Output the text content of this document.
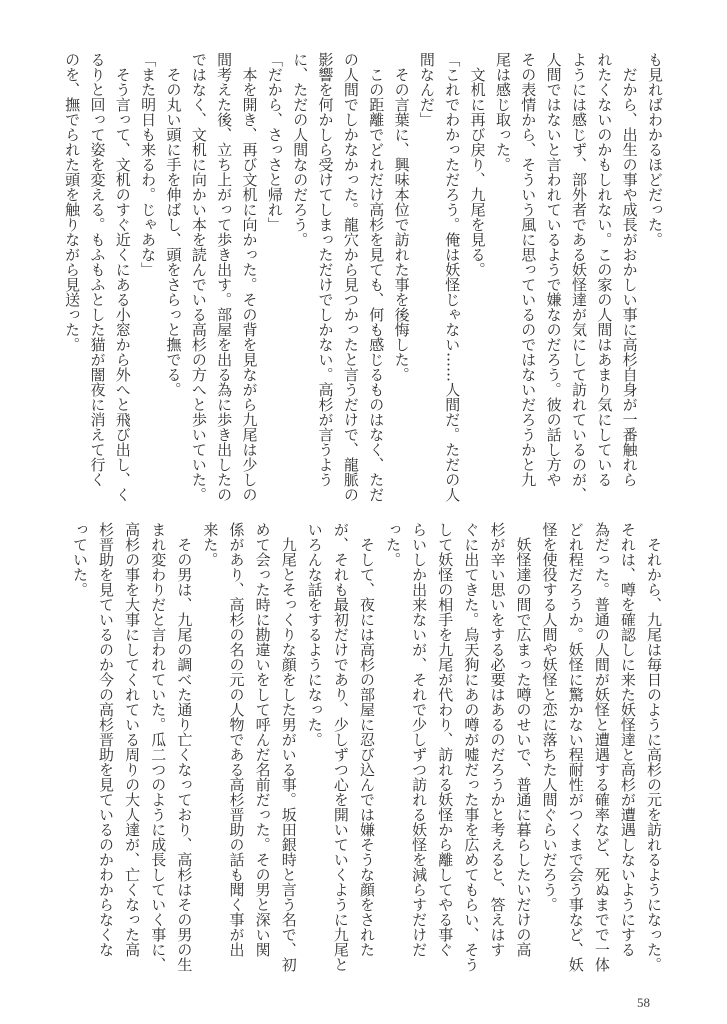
も見ればわかるほどだった。
　だから、出生の事や成長がおかしい事に高杉自身が一番触れら
れたくないのかもしれない。この家の人間はあまり気にしている
ようには感じず、部外者である妖怪達が気にして訪れているのが、
人間ではないと言われているようで嫌なのだろう。彼の話し方や
その表情から、そういう風に思っているのではないだろうかと九
尾は感じ取った。
　文机に再び戻り、九尾を見る。
「これでわかっただろう。俺は妖怪じゃない……人間だ。ただの人
間なんだ」
　その言葉に、興味本位で訪れた事を後悔した。
　この距離でどれだけ高杉を見ても、何も感じるものはなく、ただ
の人間でしかなかった。龍穴から見つかったと言うだけで、龍脈の
影響を何かしら受けてしまっただけでしかない。高杉が言うよう
に、ただの人間なのだろう。
「だから、さっさと帰れ」
　本を開き、再び文机に向かった。その背を見ながら九尾は少しの
間考えた後、立ち上がって歩き出す。部屋を出る為に歩き出したの
ではなく、文机に向かい本を読んでいる高杉の方へと歩いていた。
　その丸い頭に手を伸ばし、頭をさらっと撫でる。
「また明日も来るわ。じゃあな」
　そう言って、文机のすぐ近くにある小窓から外へと飛び出し、く
るりと回って姿を変える。もふもふとした猫が闇夜に消えて行く
のを、撫でられた頭を触りながら見送った。
　それから、九尾は毎日のように高杉の元を訪れるようになった。
それは、噂を確認しに来た妖怪達と高杉が遭遇しないようにする
為だった。普通の人間が妖怪と遭遇する確率など、死ぬまでで一体
どれ程だろうか。妖怪に驚かない程耐性がつくまで会う事など、妖
怪を使役する人間や妖怪と恋に落ちた人間ぐらいだろう。
　妖怪達の間で広まった噂のせいで、普通に暮らしたいだけの高
杉が辛い思いをする必要はあるのだろうかと考えると、答えはす
ぐに出てきた。烏天狗にあの噂が嘘だった事を広めてもらい、そう
して妖怪の相手を九尾が代わり、訪れる妖怪から離してやる事ぐ
らいしか出来ないが、それで少しずつ訪れる妖怪を減らすだけだ
った。
　そして、夜には高杉の部屋に忍び込んでは嫌そうな顔をされた
が、それも最初だけであり、少しずつ心を開いていくように九尾と
いろんな話をするようになった。
　九尾とそっくりな顔をした男がいる事。坂田銀時と言う名で、初
めて会った時に勘違いをして呼んだ名前だった。その男と深い関
係があり、高杉の名の元の人物である高杉晋助の話も聞く事が出
来た。
　その男は、九尾の調べた通り亡くなっており、高杉はその男の生
まれ変わりだと言われていた。瓜二つのように成長していく事に、
高杉の事を大事にしてくれている周りの大人達が、亡くなった高
杉晋助を見ているのか今の高杉晋助を見ているのかわからなくな
っていた。
58
